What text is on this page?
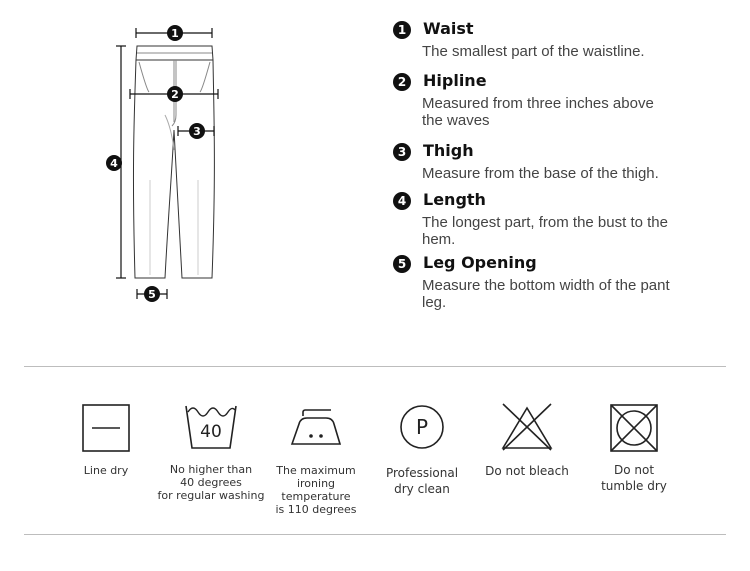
1
2
3
4
5
1	Waist
The smallest part of the waistline.
2	Hipline
Measured from three inches above the waves
3	Thigh
Measure from the base of the thigh.
4	Length
The longest part, from the bust to the hem.
5	Leg Opening
Measure the bottom width of the pant leg.
Line dry
40
No higher than
40 degrees
for regular washing
The maximum
ironing temperature
is 110 degrees
P
Professional
dry clean
Do not bleach	Do not
tumble dry
